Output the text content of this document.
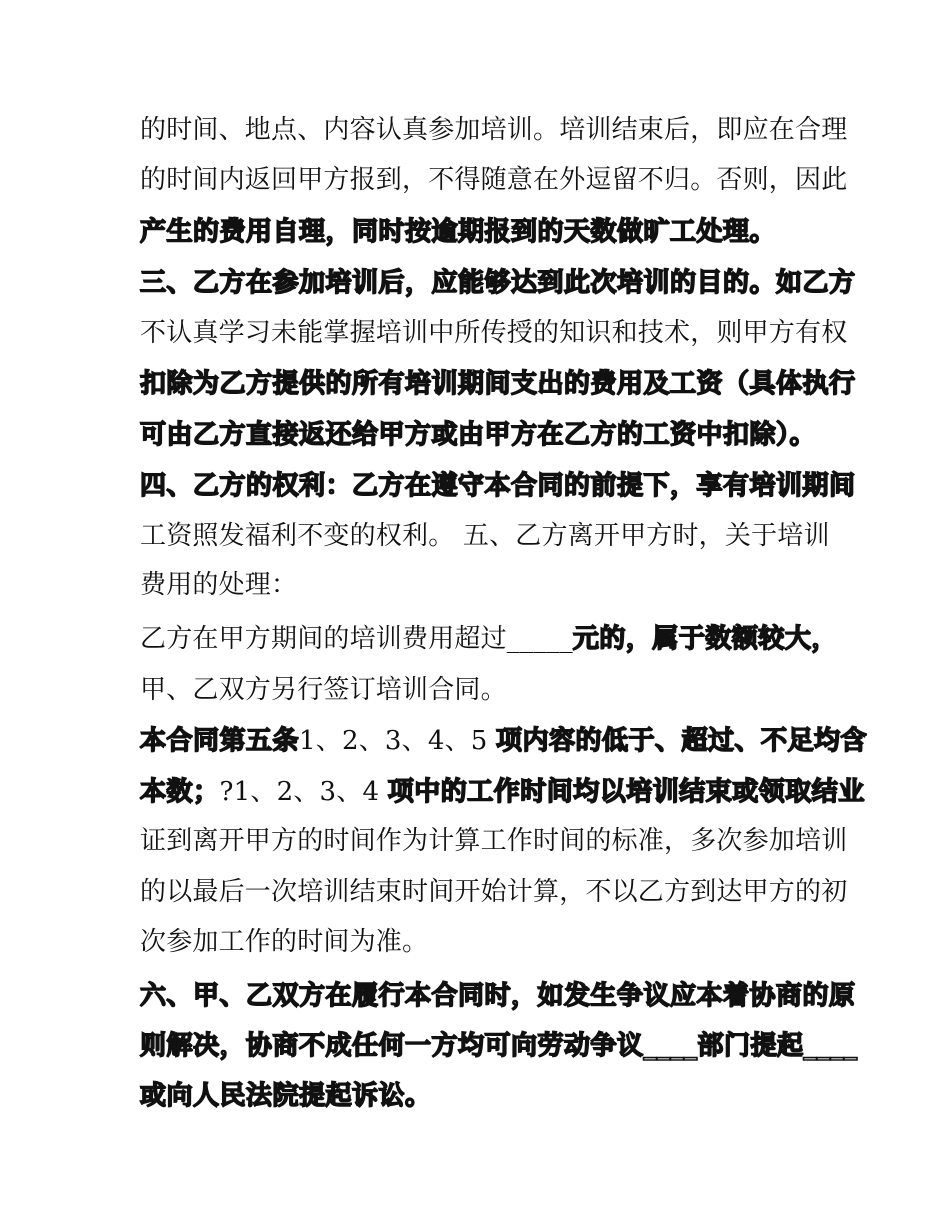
的时间、地点、内容认真参加培训。培训结束后，即应在合理
的时间内返回甲方报到，不得随意在外逗留不归。否则，因此
产生的费用自理，同时按逾期报到的天数做旷工处理。
三、乙方在参加培训后，应能够达到此次培训的目的。如乙方
不认真学习未能掌握培训中所传授的知识和技术，则甲方有权
扣除为乙方提供的所有培训期间支出的费用及工资（具体执行
可由乙方直接返还给甲方或由甲方在乙方的工资中扣除）。
四、乙方的权利：乙方在遵守本合同的前提下，享有培训期间
工资照发福利不变的权利。 五、乙方离开甲方时，关于培训
费用的处理：
乙方在甲方期间的培训费用超过_____元的，属于数额较大，
甲、乙双方另行签订培训合同。
本合同第五条1、2、3、4、5 项内容的低于、超过、不足均含
本数；?1、2、3、4 项中的工作时间均以培训结束或领取结业
证到离开甲方的时间作为计算工作时间的标准，多次参加培训
的以最后一次培训结束时间开始计算，不以乙方到达甲方的初
次参加工作的时间为准。
六、甲、乙双方在履行本合同时，如发生争议应本着协商的原
则解决，协商不成任何一方均可向劳动争议____部门提起____
或向人民法院提起诉讼。
